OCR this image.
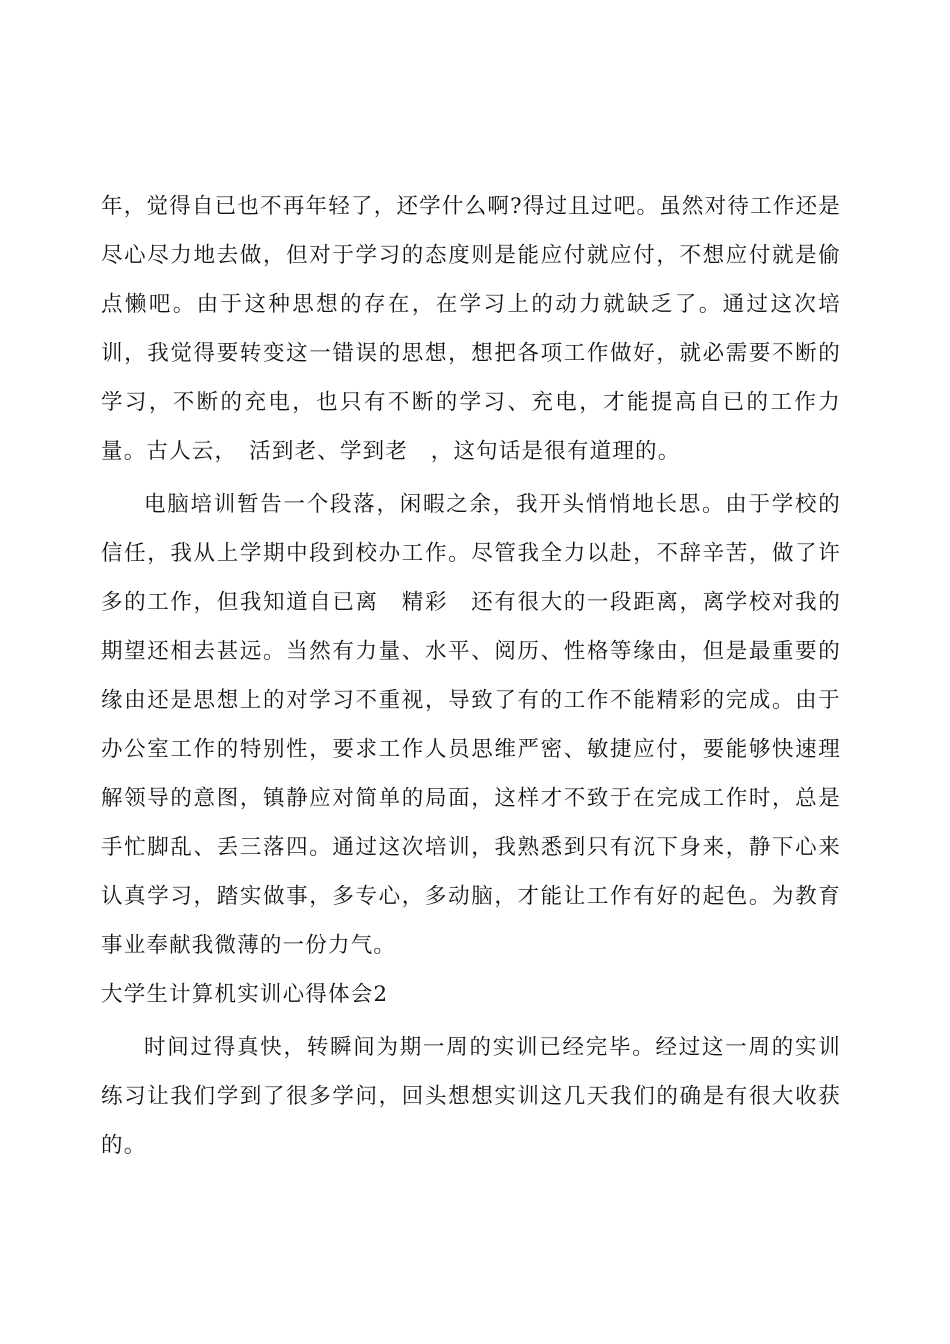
年，觉得自已也不再年轻了，还学什么啊?得过且过吧。虽然对待工作还是尽心尽力地去做，但对于学习的态度则是能应付就应付，不想应付就是偷点懒吧。由于这种思想的存在，在学习上的动力就缺乏了。通过这次培训，我觉得要转变这一错误的思想，想把各项工作做好，就必需要不断的学习，不断的充电，也只有不断的学习、充电，才能提高自已的工作力量。古人云，　活到老、学到老　，这句话是很有道理的。

电脑培训暂告一个段落，闲暇之余，我开头悄悄地长思。由于学校的信任，我从上学期中段到校办工作。尽管我全力以赴，不辞辛苦，做了许多的工作，但我知道自已离　精彩　还有很大的一段距离，离学校对我的期望还相去甚远。当然有力量、水平、阅历、性格等缘由，但是最重要的缘由还是思想上的对学习不重视，导致了有的工作不能精彩的完成。由于办公室工作的特别性，要求工作人员思维严密、敏捷应付，要能够快速理解领导的意图，镇静应对简单的局面，这样才不致于在完成工作时，总是手忙脚乱、丢三落四。通过这次培训，我熟悉到只有沉下身来，静下心来认真学习，踏实做事，多专心，多动脑，才能让工作有好的起色。为教育事业奉献我微薄的一份力气。

大学生计算机实训心得体会2

时间过得真快，转瞬间为期一周的实训已经完毕。经过这一周的实训练习让我们学到了很多学问，回头想想实训这几天我们的确是有很大收获的。
